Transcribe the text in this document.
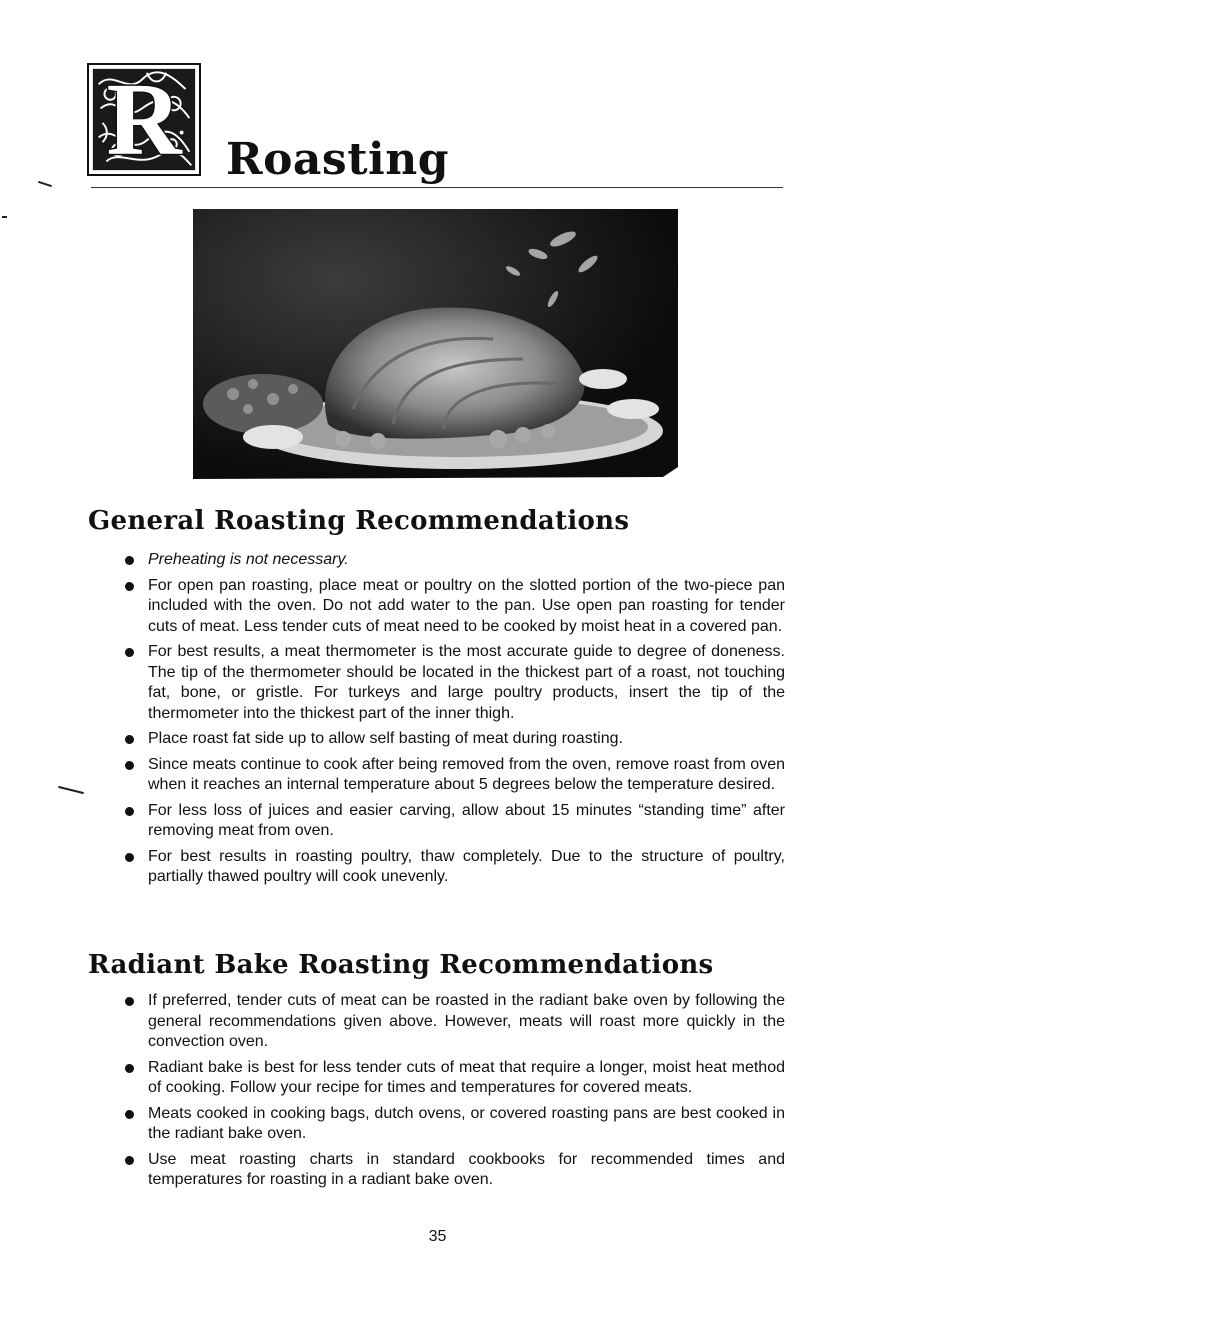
R	Roasting
General Roasting Recommendations
Preheating is not necessary.
For open pan roasting, place meat or poultry on the slotted portion of the two-piece pan included with the oven. Do not add water to the pan. Use open pan roasting for tender cuts of meat. Less tender cuts of meat need to be cooked by moist heat in a covered pan.
For best results, a meat thermometer is the most accurate guide to degree of doneness. The tip of the thermometer should be located in the thickest part of a roast, not touching fat, bone, or gristle. For turkeys and large poultry products, insert the tip of the thermometer into the thickest part of the inner thigh.
Place roast fat side up to allow self basting of meat during roasting.
Since meats continue to cook after being removed from the oven, remove roast from oven when it reaches an internal temperature about 5 degrees below the temperature desired.
For less loss of juices and easier carving, allow about 15 minutes “standing time” after removing meat from oven.
For best results in roasting poultry, thaw completely. Due to the structure of poultry, partially thawed poultry will cook unevenly.
Radiant Bake Roasting Recommendations
If preferred, tender cuts of meat can be roasted in the radiant bake oven by following the general recommendations given above. However, meats will roast more quickly in the convection oven.
Radiant bake is best for less tender cuts of meat that require a longer, moist heat method of cooking. Follow your recipe for times and temperatures for covered meats.
Meats cooked in cooking bags, dutch ovens, or covered roasting pans are best cooked in the radiant bake oven.
Use meat roasting charts in standard cookbooks for recommended times and temperatures for roasting in a radiant bake oven.
35
